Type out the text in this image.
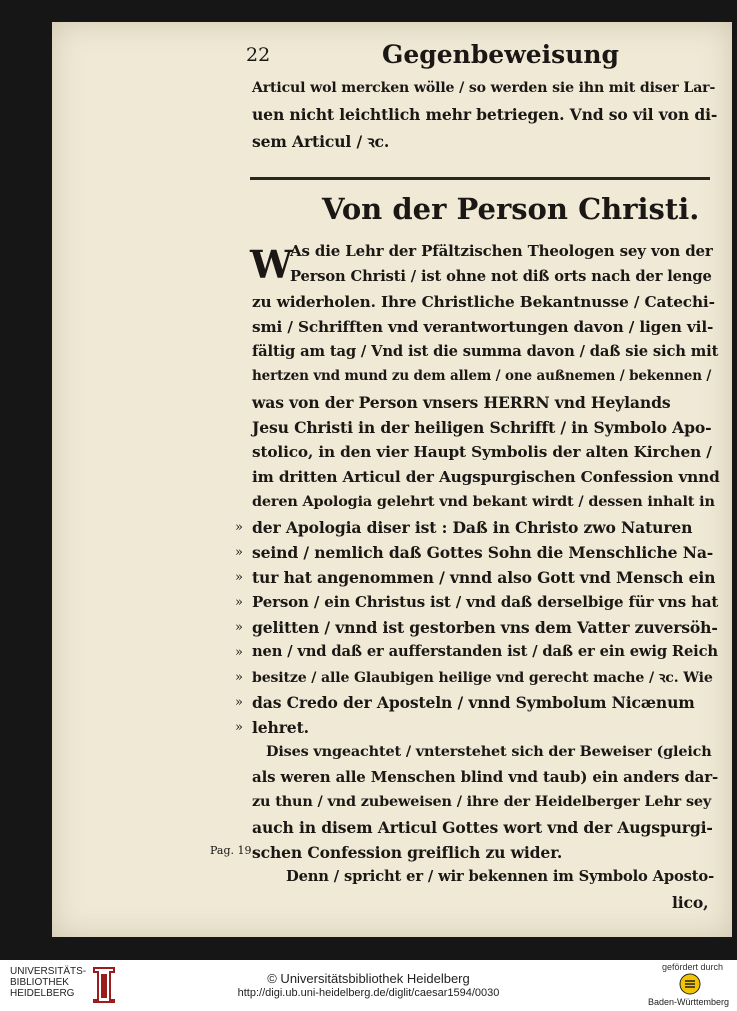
22	Gegenbeweisung
Articul wol mercken wölle / so werden sie ihn mit diser Lar-
uen nicht leichtlich mehr betriegen. Vnd so vil von di-
sem Articul / ꝛc.
Von der Person Christi.
W
As die Lehr der Pfältzischen Theologen sey von der
Person Christi / ist ohne not diß orts nach der lenge
zu widerholen. Ihre Christliche Bekantnusse / Catechi-
smi / Schrifften vnd verantwortungen davon / ligen vil-
fältig am tag / Vnd ist die summa davon / daß sie sich mit
hertzen vnd mund zu dem allem / one außnemen / bekennen /
was von der Person vnsers HERRN vnd Heylands
Jesu Christi in der heiligen Schrifft / in Symbolo Apo-
stolico, in den vier Haupt Symbolis der alten Kirchen /
im dritten Articul der Augspurgischen Confession vnnd
deren Apologia gelehrt vnd bekant wirdt / dessen inhalt in
der Apologia diser ist : Daß in Christo zwo Naturen
seind / nemlich daß Gottes Sohn die Menschliche Na-
tur hat angenommen / vnnd also Gott vnd Mensch ein
Person / ein Christus ist / vnd daß derselbige für vns hat
gelitten / vnnd ist gestorben vns dem Vatter zuversöh-
nen / vnd daß er aufferstanden ist / daß er ein ewig Reich
besitze / alle Glaubigen heilige vnd gerecht mache / ꝛc. Wie
das Credo der Aposteln / vnnd Symbolum Nicænum
lehret.
Dises vngeachtet / vnterstehet sich der Beweiser (gleich
als weren alle Menschen blind vnd taub) ein anders dar-
zu thun / vnd zubeweisen / ihre der Heidelberger Lehr sey
auch in disem Articul Gottes wort vnd der Augspurgi-
schen Confession greiflich zu wider.
Denn / spricht er / wir bekennen im Symbolo Aposto-
lico,
»
»
»
»
»
»
»
»
»
Pag. 19.
UNIVERSITÄTS-
BIBLIOTHEK
HEIDELBERG
© Universitätsbibliothek Heidelberg
http://digi.ub.uni-heidelberg.de/diglit/caesar1594/0030
gefördert durch
Baden-Württemberg
